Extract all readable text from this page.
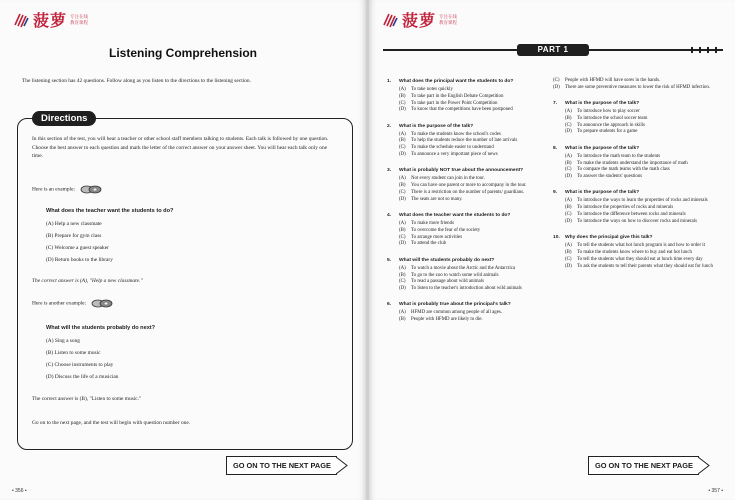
菠萝 专注在线
教育课程
Listening Comprehension
The listening section has 42 questions. Follow along as you listen to the directions to the listening section.
Directions
In this section of the test, you will hear a teacher or other school staff members talking to students. Each talk is followed by one question. Choose the best answer to each question and mark the letter of the correct answer on your answer sheet. You will hear each talk only one time.
Here is an example:
What does the teacher want the students to do?
(A) Help a new classmate
(B) Prepare for gym class
(C) Welcome a guest speaker
(D) Return books to the library
The correct answer is (A), "Help a new classmate."
Here is another example:
What will the students probably do next?
(A) Sing a song
(B) Listen to some music
(C) Choose instruments to play
(D) Discuss the life of a musician
The correct answer is (B), "Listen to some music."
Go on to the next page, and the test will begin with question number one.
GO ON TO THE NEXT PAGE
• 356 •
菠萝 专注在线
教育课程
PART 1
1.	What does the principal want the students to do?
(A)	To take notes quickly
(B)	To take part in the English Debate Competition
(C)	To take part in the Power Point Competition
(D)	To know that the competitions have been postponed
2.	What is the purpose of the talk?
(A)	To make the students know the school's codes
(B)	To help the students reduce the number of late arrivals
(C)	To make the schedule easier to understand
(D)	To announce a very important piece of news
3.	What is probably NOT true about the announcement?
(A)	Not every student can join in the tour.
(B)	You can have one parent or more to accompany in the tour.
(C)	There is a restriction on the number of parents/ guardians.
(D)	The seats are not so many.
4.	What does the teacher want the students to do?
(A)	To make more friends
(B)	To overcome the fear of the society
(C)	To arrange more activities
(D)	To attend the club
5.	What will the students probably do next?
(A)	To watch a movie about the Arctic and the Antarctica
(B)	To go to the zoo to watch some wild animals
(C)	To read a passage about wild animals
(D)	To listen to the teacher's introduction about wild animals
6.	What is probably true about the principal's talk?
(A)	HFMD are common among people of all ages.
(B)	People with HFMD are likely to die.
(C)	People with HFMD will have sores in the hands.
(D)	There are some preventive measures to lower the risk of HFMD infection.
7.	What is the purpose of the talk?
(A)	To introduce how to play soccer
(B)	To introduce the school soccer team
(C)	To announce the approach in skills
(D)	To prepare students for a game
8.	What is the purpose of the talk?
(A)	To introduce the math team to the students
(B)	To make the students understand the importance of math
(C)	To compare the math teams with the math class
(D)	To answer the students' questions
9.	What is the purpose of the talk?
(A)	To introduce the ways to learn the properties of rocks and minerals
(B)	To introduce the properties of rocks and minerals
(C)	To introduce the difference between rocks and minerals
(D)	To introduce the ways on how to discover rocks and minerals
10.	Why does the principal give this talk?
(A)	To tell the students what hot lunch program is and how to order it
(B)	To make the students know where to buy and eat hot lunch
(C)	To tell the students what they should eat at lunch time every day
(D)	To ask the students to tell their parents what they should eat for lunch
GO ON TO THE NEXT PAGE
• 357 •
